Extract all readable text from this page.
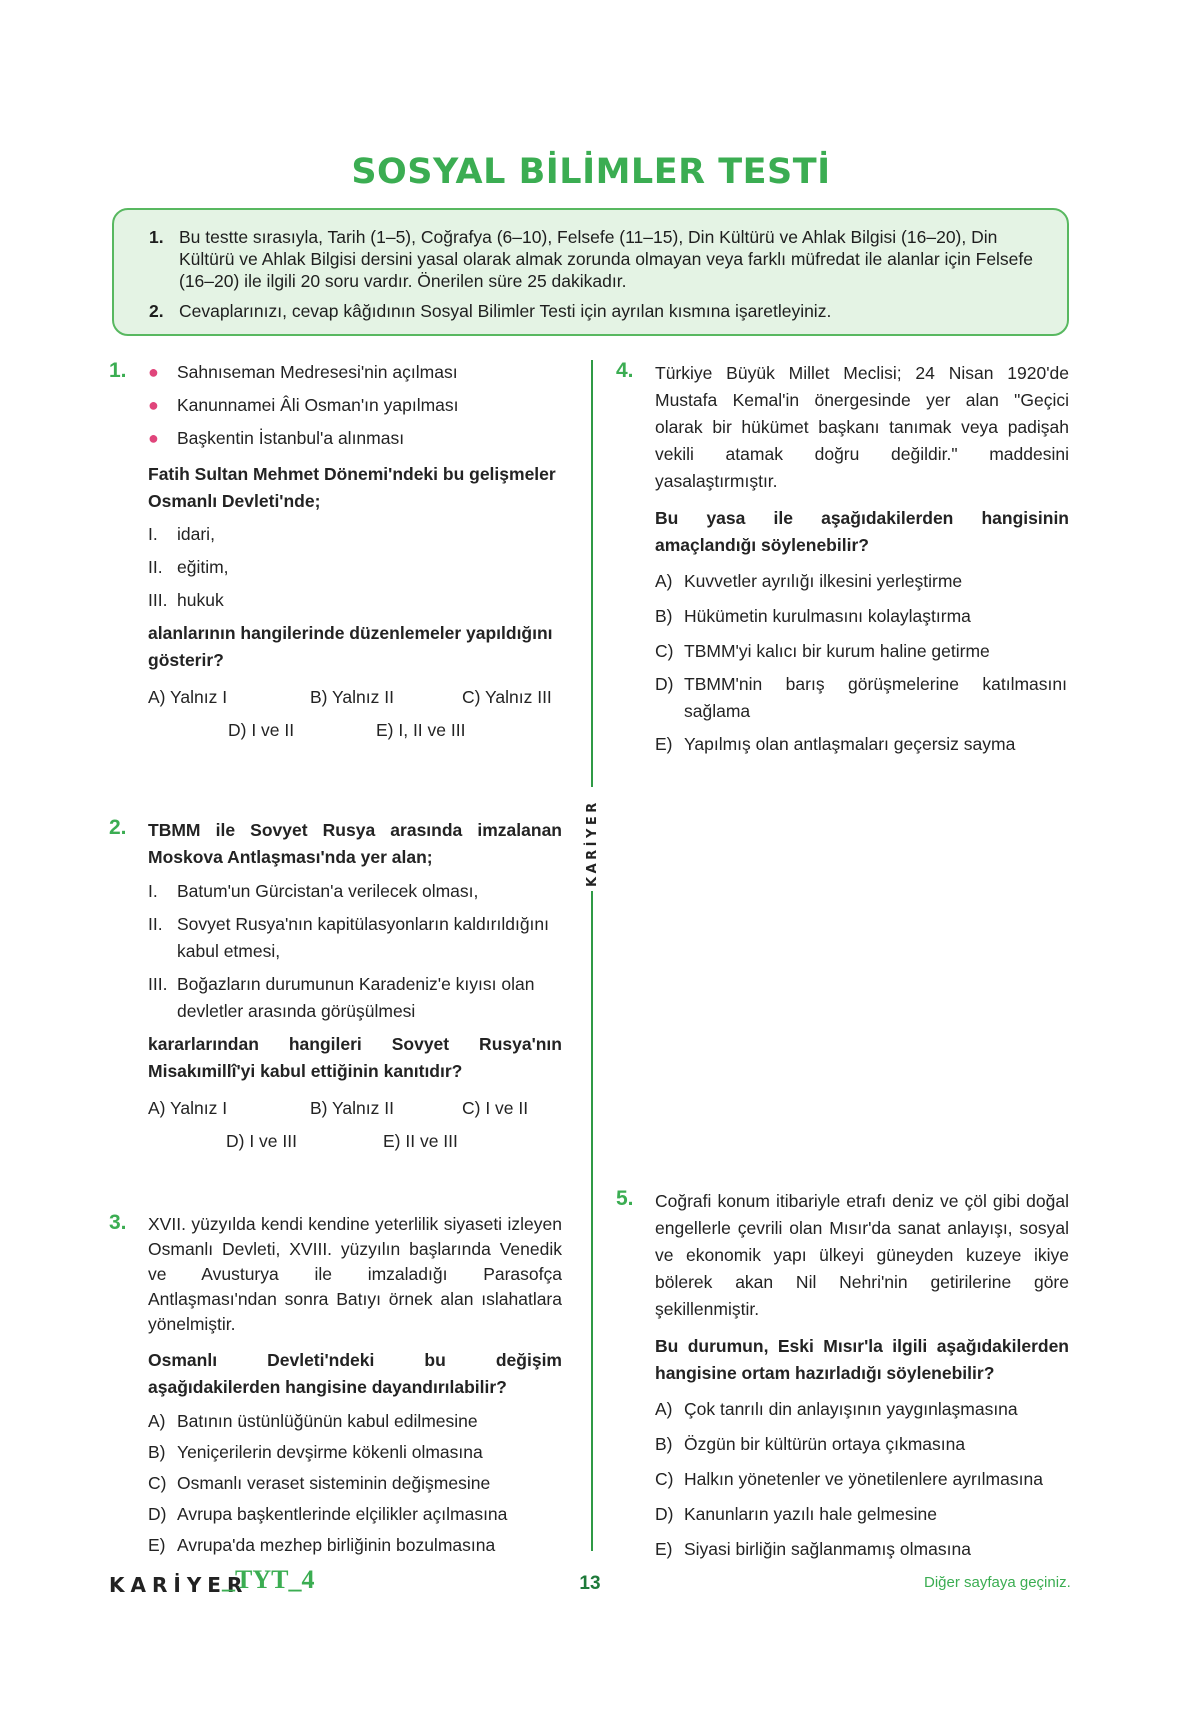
SOSYAL BİLİMLER TESTİ
1. Bu testte sırasıyla, Tarih (1–5), Coğrafya (6–10), Felsefe (11–15), Din Kültürü ve Ahlak Bilgisi (16–20), Din Kültürü ve Ahlak Bilgisi dersini yasal olarak almak zorunda olmayan veya farklı müfredat ile alanlar için Felsefe (16–20) ile ilgili 20 soru vardır. Önerilen süre 25 dakikadır.
2. Cevaplarınızı, cevap kâğıdının Sosyal Bilimler Testi için ayrılan kısmına işaretleyiniz.
KARİYER
1. ●	Sahnıseman Medresesi'nin açılması
●	Kanunnamei Âli Osman'ın yapılması
●	Başkentin İstanbul'a alınması
Fatih Sultan Mehmet Dönemi'ndeki bu gelişmeler Osmanlı Devleti'nde;
I.	idari,
II. eğitim,
III. hukuk
alanlarının hangilerinde düzenlemeler yapıldığını gösterir?
A) Yalnız I	B) Yalnız II	C) Yalnız III
D) I ve II	E) I, II ve III
2. TBMM ile Sovyet Rusya arasında imzalanan Moskova Antlaşması'nda yer alan;
I.	Batum'un Gürcistan'a verilecek olması,
II. Sovyet Rusya'nın kapitülasyonların kaldırıldığını kabul etmesi,
III. Boğazların durumunun Karadeniz'e kıyısı olan devletler arasında görüşülmesi
kararlarından hangileri Sovyet Rusya'nın Misakımillî'yi kabul ettiğinin kanıtıdır?
A) Yalnız I	B) Yalnız II	C) I ve II
D) I ve III	E) II ve III
3. XVII. yüzyılda kendi kendine yeterlilik siyaseti izleyen Osmanlı Devleti, XVIII. yüzyılın başlarında Venedik ve Avusturya ile imzaladığı Parasofça Antlaşması'ndan sonra Batıyı örnek alan ıslahatlara yönelmiştir.
Osmanlı Devleti'ndeki bu değişim aşağıdakilerden hangisine dayandırılabilir?
A) Batının üstünlüğünün kabul edilmesine
B) Yeniçerilerin devşirme kökenli olmasına
C) Osmanlı veraset sisteminin değişmesine
D) Avrupa başkentlerinde elçilikler açılmasına
E) Avrupa'da mezhep birliğinin bozulmasına
4. Türkiye Büyük Millet Meclisi; 24 Nisan 1920'de Mustafa Kemal'in önergesinde yer alan "Geçici olarak bir hükümet başkanı tanımak veya padişah vekili atamak doğru değildir." maddesini yasalaştırmıştır.
Bu yasa ile aşağıdakilerden hangisinin amaçlandığı söylenebilir?
A) Kuvvetler ayrılığı ilkesini yerleştirme
B) Hükümetin kurulmasını kolaylaştırma
C) TBMM'yi kalıcı bir kurum haline getirme
D) TBMM'nin barış görüşmelerine katılmasını sağlama
E) Yapılmış olan antlaşmaları geçersiz sayma
5. Coğrafi konum itibariyle etrafı deniz ve çöl gibi doğal engellerle çevrili olan Mısır'da sanat anlayışı, sosyal ve ekonomik yapı ülkeyi güneyden kuzeye ikiye bölerek akan Nil Nehri'nin getirilerine göre şekillenmiştir.
Bu durumun, Eski Mısır'la ilgili aşağıdakilerden hangisine ortam hazırladığı söylenebilir?
A) Çok tanrılı din anlayışının yaygınlaşmasına
B) Özgün bir kültürün ortaya çıkmasına
C) Halkın yönetenler ve yönetilenlere ayrılmasına
D) Kanunların yazılı hale gelmesine
E) Siyasi birliğin sağlanmamış olmasına
KARİYER
_TYT_4	13	Diğer sayfaya geçiniz.
